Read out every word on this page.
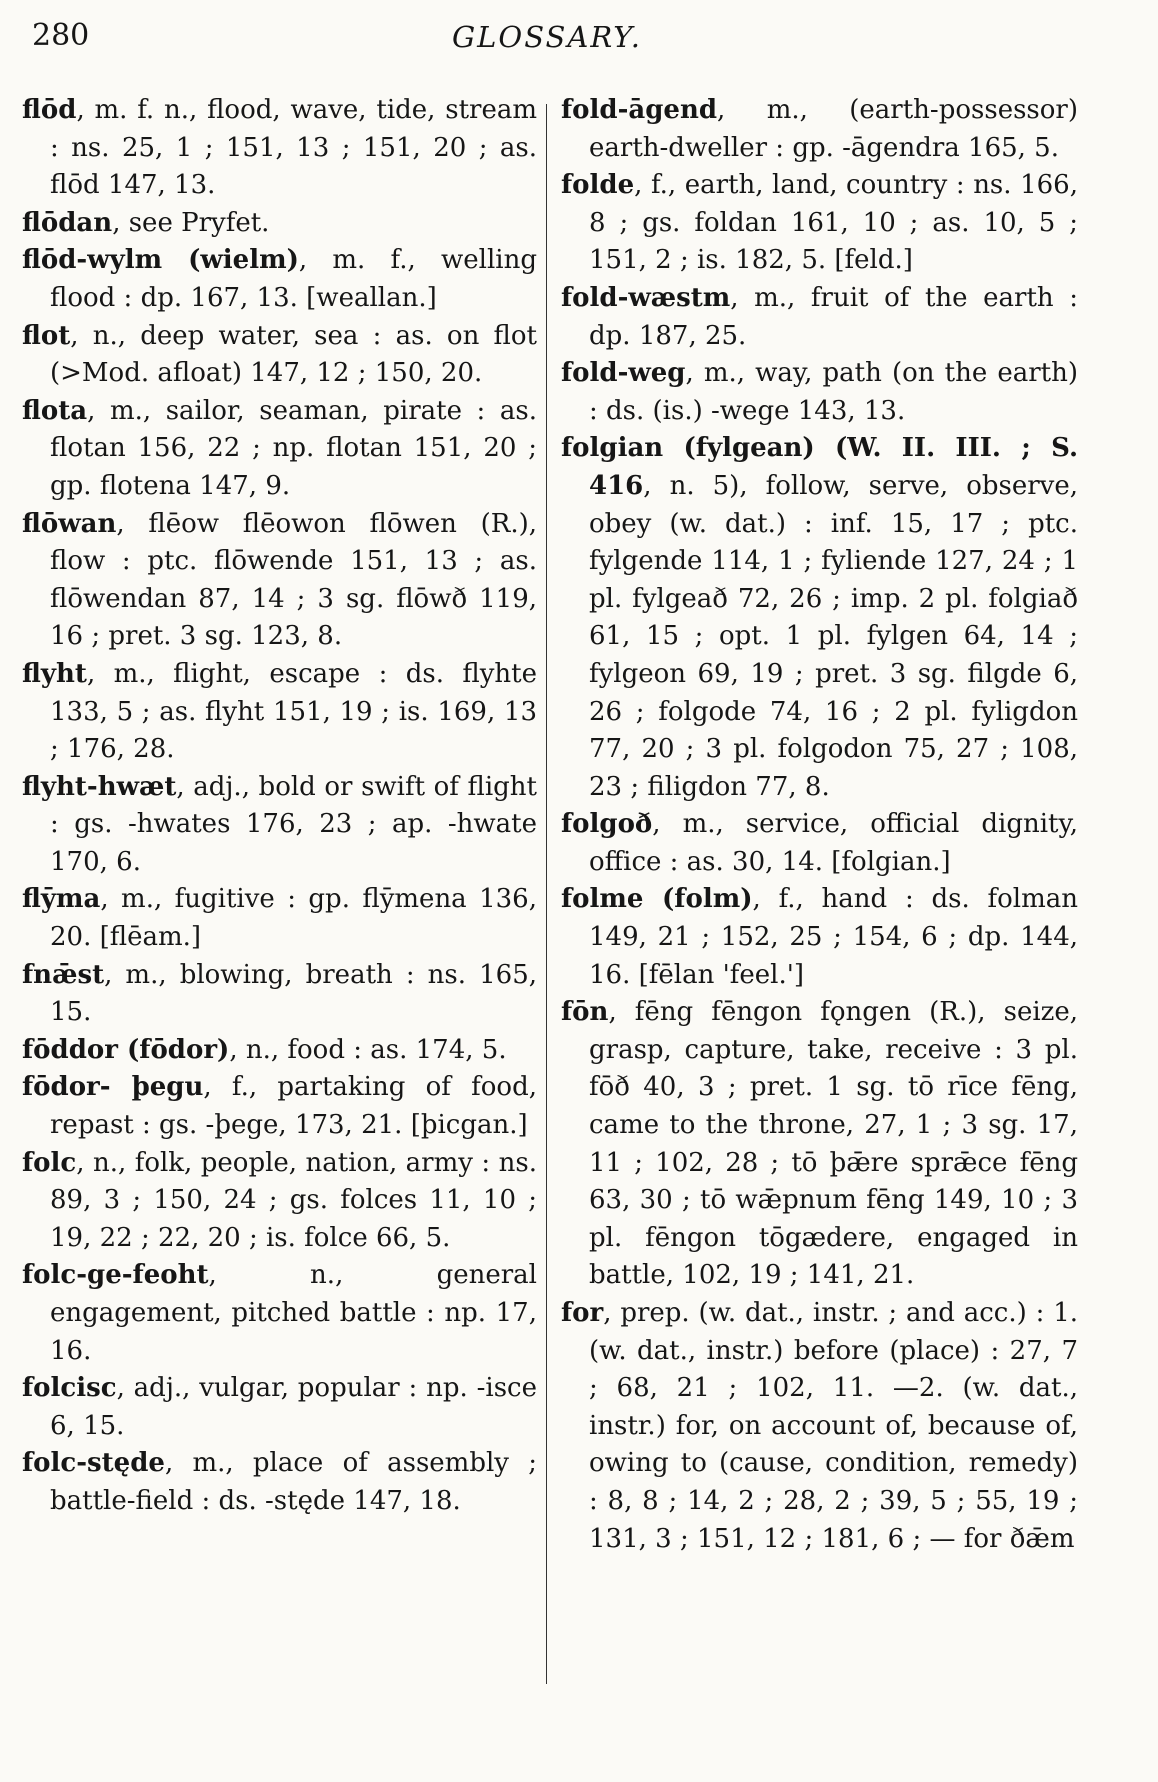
280	GLOSSARY.

flōd, m. f. n., flood, wave, tide, stream : ns. 25, 1 ; 151, 13 ; 151, 20 ; as. flōd 147, 13.

flōdan, see Pryfet.

flōd-wylm (wielm), m. f., welling flood : dp. 167, 13. [weallan.]

flot, n., deep water, sea : as. on flot (>Mod. afloat) 147, 12 ; 150, 20.

flota, m., sailor, seaman, pirate : as. flotan 156, 22 ; np. flotan 151, 20 ; gp. flotena 147, 9.

flōwan, flēow flēowon flōwen (R.), flow : ptc. flōwende 151, 13 ; as. flōwendan 87, 14 ; 3 sg. flōwð 119, 16 ; pret. 3 sg. 123, 8.

flyht, m., flight, escape : ds. flyhte 133, 5 ; as. flyht 151, 19 ; is. 169, 13 ; 176, 28.

flyht-hwæt, adj., bold or swift of flight : gs. -hwates 176, 23 ; ap. -hwate 170, 6.

flȳma, m., fugitive : gp. flȳmena 136, 20. [flēam.]

fnǣst, m., blowing, breath : ns. 165, 15.

fōddor (fōdor), n., food : as. 174, 5.

fōdor- þegu, f., partaking of food, repast : gs. -þege, 173, 21. [þicgan.]

folc, n., folk, people, nation, army : ns. 89, 3 ; 150, 24 ; gs. folces 11, 10 ; 19, 22 ; 22, 20 ; is. folce 66, 5.

folc-ge-feoht, n., general engagement, pitched battle : np. 17, 16.

folcisc, adj., vulgar, popular : np. -isce 6, 15.

folc-stęde, m., place of assembly ; battle-field : ds. -stęde 147, 18.

fold-āgend, m., (earth-possessor) earth-dweller : gp. -āgendra 165, 5.

folde, f., earth, land, country : ns. 166, 8 ; gs. foldan 161, 10 ; as. 10, 5 ; 151, 2 ; is. 182, 5. [feld.]

fold-wæstm, m., fruit of the earth : dp. 187, 25.

fold-weg, m., way, path (on the earth) : ds. (is.) -wege 143, 13.

folgian (fylgean) (W. II. III. ; S. 416, n. 5), follow, serve, observe, obey (w. dat.) : inf. 15, 17 ; ptc. fylgende 114, 1 ; fyliende 127, 24 ; 1 pl. fylgeað 72, 26 ; imp. 2 pl. folgiað 61, 15 ; opt. 1 pl. fylgen 64, 14 ; fylgeon 69, 19 ; pret. 3 sg. filgde 6, 26 ; folgode 74, 16 ; 2 pl. fyligdon 77, 20 ; 3 pl. folgodon 75, 27 ; 108, 23 ; filigdon 77, 8.

folgoð, m., service, official dignity, office : as. 30, 14. [folgian.]

folme (folm), f., hand : ds. folman 149, 21 ; 152, 25 ; 154, 6 ; dp. 144, 16. [fēlan 'feel.']

fōn, fēng fēngon fǫngen (R.), seize, grasp, capture, take, receive : 3 pl. fōð 40, 3 ; pret. 1 sg. tō rīce fēng, came to the throne, 27, 1 ; 3 sg. 17, 11 ; 102, 28 ; tō þǣre sprǣce fēng 63, 30 ; tō wǣpnum fēng 149, 10 ; 3 pl. fēngon tōgædere, engaged in battle, 102, 19 ; 141, 21.

for, prep. (w. dat., instr. ; and acc.) : 1. (w. dat., instr.) before (place) : 27, 7 ; 68, 21 ; 102, 11. —2. (w. dat., instr.) for, on account of, because of, owing to (cause, condition, remedy) : 8, 8 ; 14, 2 ; 28, 2 ; 39, 5 ; 55, 19 ; 131, 3 ; 151, 12 ; 181, 6 ; — for ðǣm
